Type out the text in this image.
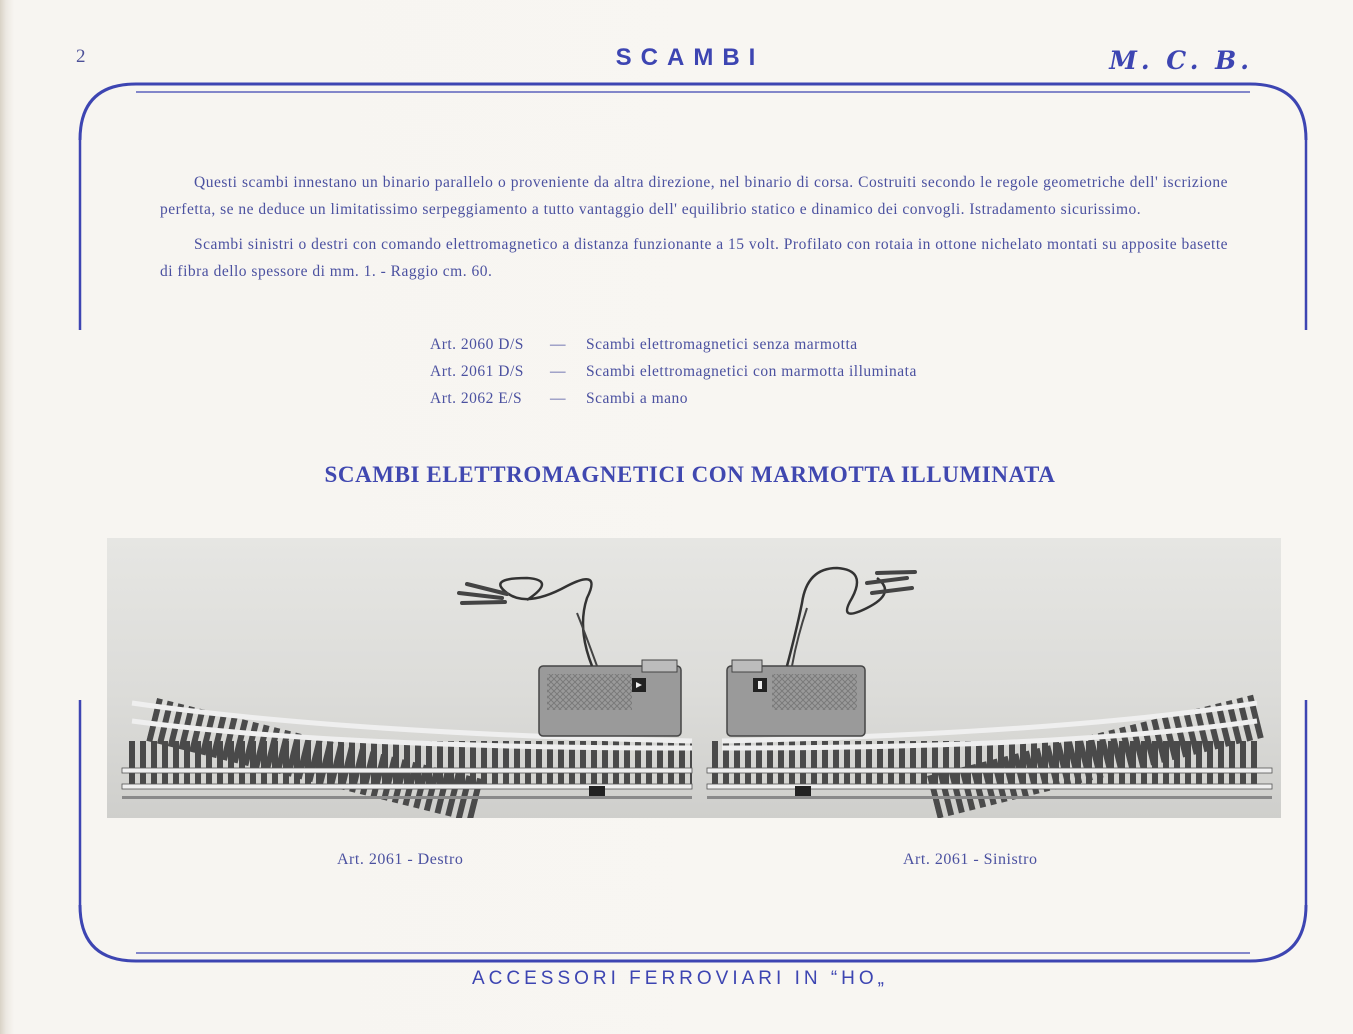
2	SCAMBI	M. C. B.

Questi scambi innestano un binario parallelo o proveniente da altra direzione, nel binario di corsa. Costruiti secondo le regole geometriche dell' iscrizione perfetta, se ne deduce un limitatissimo serpeggiamento a tutto vantaggio dell' equilibrio statico e dinamico dei convogli. Istradamento sicurissimo.

Scambi sinistri o destri con comando elettromagnetico a distanza funzionante a 15 volt. Profilato con rotaia in ottone nichelato montati su apposite basette di fibra dello spessore di mm. 1. - Raggio cm. 60.

Art. 2060 D/S	—	Scambi elettromagnetici senza marmotta
Art. 2061 D/S	—	Scambi elettromagnetici con marmotta illuminata
Art. 2062 E/S	—	Scambi a mano
SCAMBI ELETTROMAGNETICI CON MARMOTTA ILLUMINATA
Art. 2061 - Destro	Art. 2061 - Sinistro
ACCESSORI FERROVIARI IN “HO„
